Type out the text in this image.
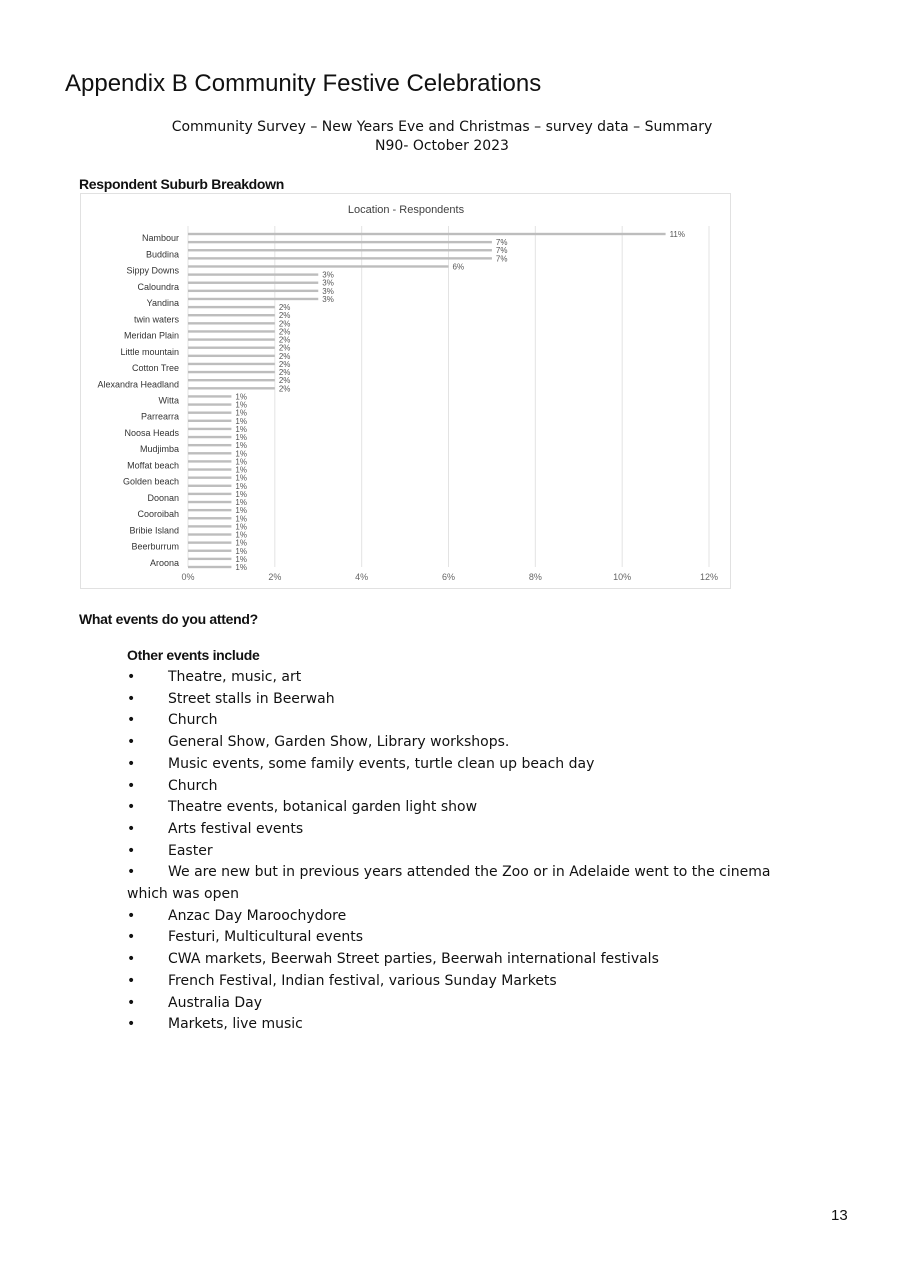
Appendix B Community Festive Celebrations
Community Survey – New Years Eve and Christmas – survey data – Summary
N90- October 2023
Respondent Suburb Breakdown
Location - Respondents
0%	2%	4%	6%	8%	10%	12%
11%
Nambour	7%
7%
Buddina	7%
6%
Sippy Downs	3%
3%
Caloundra	3%
3%
Yandina	2%
2%
twin waters	2%
2%
Meridan Plain	2%
2%
Little mountain	2%
2%
Cotton Tree	2%
2%
Alexandra Headland	2%
1%
Witta	1%
1%
Parrearra	1%
1%
Noosa Heads	1%
1%
Mudjimba	1%
1%
Moffat beach	1%
1%
Golden beach	1%
1%
Doonan	1%
1%
Cooroibah	1%
1%
Bribie Island	1%
1%
Beerburrum	1%
1%
Aroona	1%
What events do you attend?
Other events include
• Theatre, music, art
• Street stalls in Beerwah
• Church
• General Show, Garden Show, Library workshops.
• Music events, some family events, turtle clean up beach day
• Church
• Theatre events, botanical garden light show
• Arts festival events
• Easter
• We are new but in previous years attended the Zoo or in Adelaide went to the cinema which was open
• Anzac Day Maroochydore
• Festuri, Multicultural events
• CWA markets, Beerwah Street parties, Beerwah international festivals
• French Festival, Indian festival, various Sunday Markets
• Australia Day
• Markets, live music
13
